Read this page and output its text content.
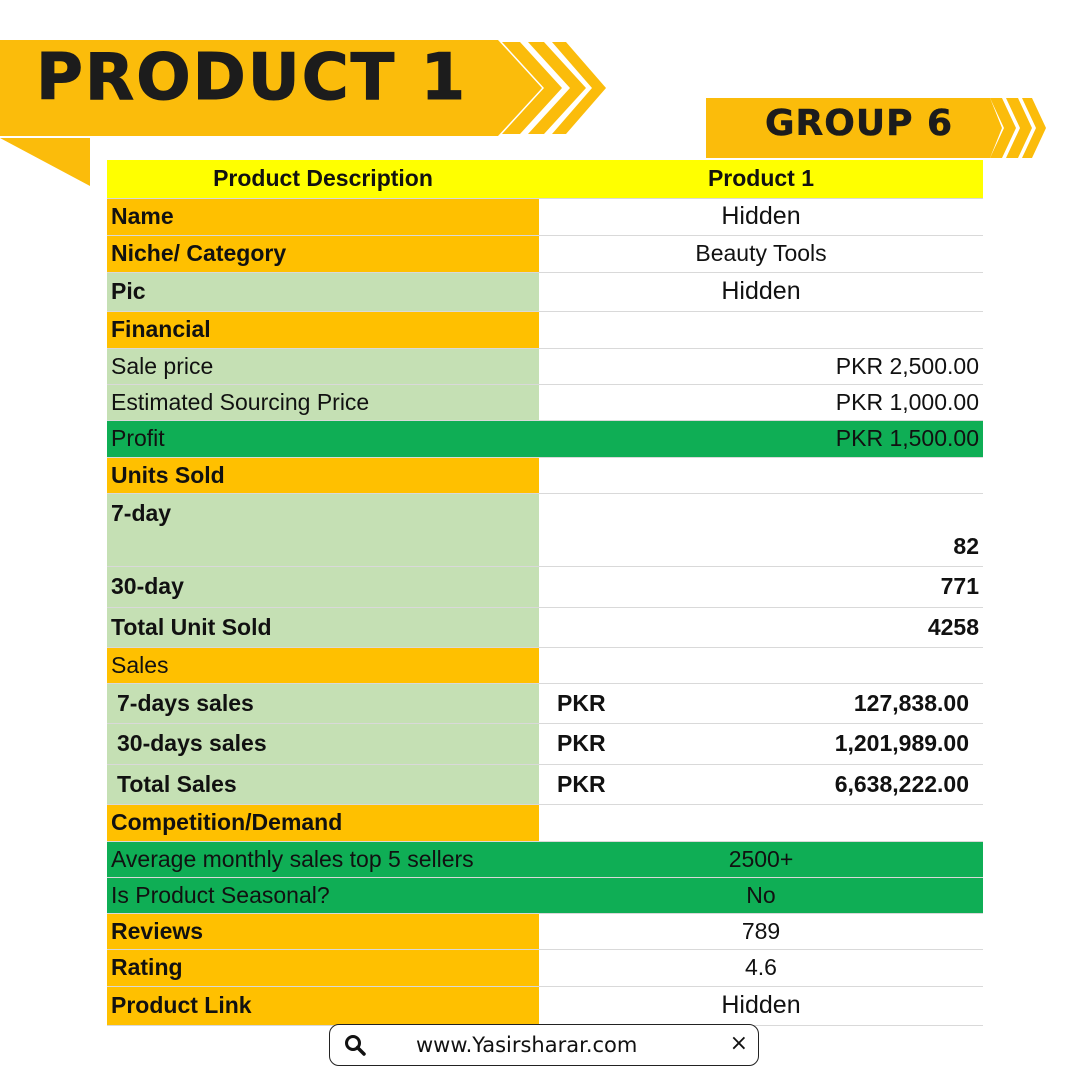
PRODUCT 1
GROUP 6
Product Description	Product 1
Name	Hidden
Niche/ Category	Beauty Tools
Pic	Hidden
Financial	
Sale price	PKR 2,500.00
Estimated Sourcing Price	PKR 1,000.00
Profit	PKR 1,500.00
Units Sold	
7-day	82
30-day	771
Total Unit Sold	4258
Sales	
7-days sales	PKR 127,838.00

30-days sales	PKR 1,201,989.00

Total Sales	PKR 6,638,222.00

Competition/Demand	
Average monthly sales top 5 sellers	2500+
Is Product Seasonal?	No
Reviews	789
Rating	4.6
Product Link	Hidden
www.Yasirsharar.com	×
